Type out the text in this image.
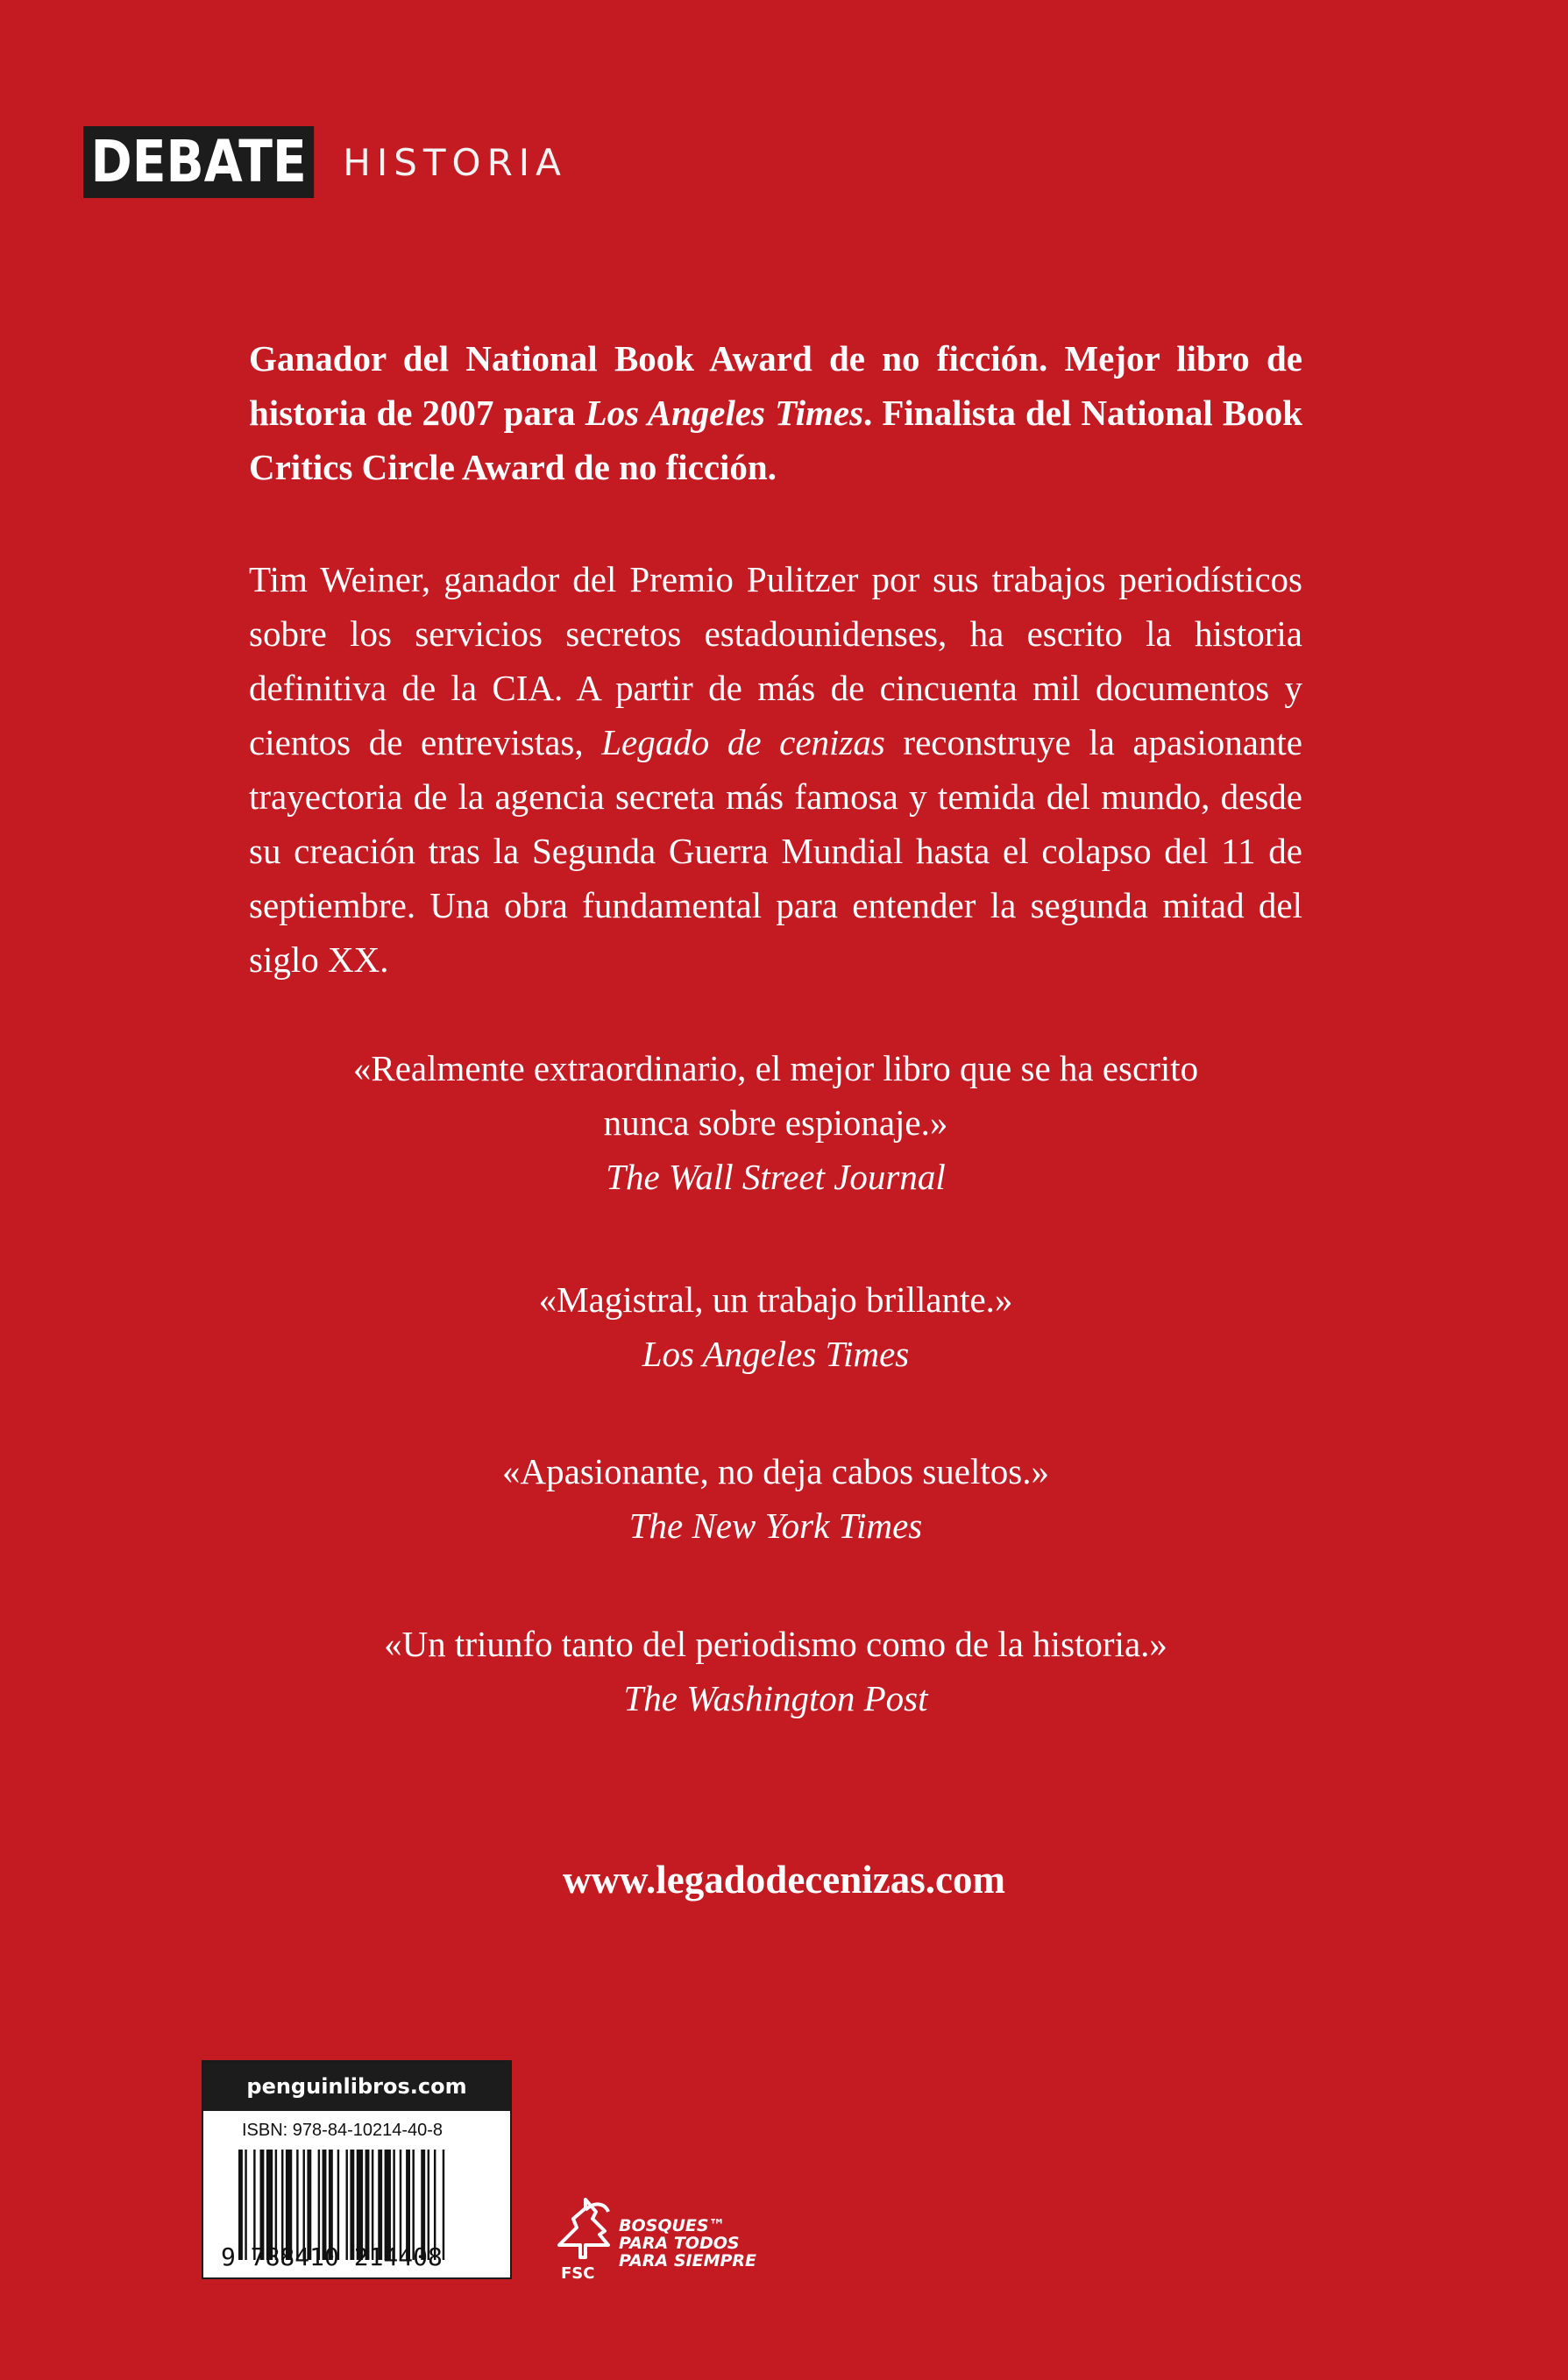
DEBATE HISTORIA
Ganador del National Book Award de no ficción. Mejor libro de historia de 2007 para Los Angeles Times. Finalista del National Book Critics Circle Award de no ficción.
Tim Weiner, ganador del Premio Pulitzer por sus trabajos periodísticos sobre los servicios secretos estadounidenses, ha escrito la historia definitiva de la CIA. A partir de más de cincuenta mil documentos y cientos de entrevistas, Legado de cenizas reconstruye la apasionante trayectoria de la agencia secreta más famosa y temida del mundo, desde su creación tras la Segunda Guerra Mundial hasta el colapso del 11 de septiembre. Una obra fundamental para entender la segunda mitad del siglo XX.
«Realmente extraordinario, el mejor libro que se ha escrito
nunca sobre espionaje.»
The Wall Street Journal
«Magistral, un trabajo brillante.»
Los Angeles Times
«Apasionante, no deja cabos sueltos.»
The New York Times
«Un triunfo tanto del periodismo como de la historia.»
The Washington Post
www.legadodecenizas.com
penguinlibros.com
ISBN: 978-84-10214-40-8
9 788410 214408
BOSQUES™
PARA TODOS
PARA SIEMPRE
FSC
